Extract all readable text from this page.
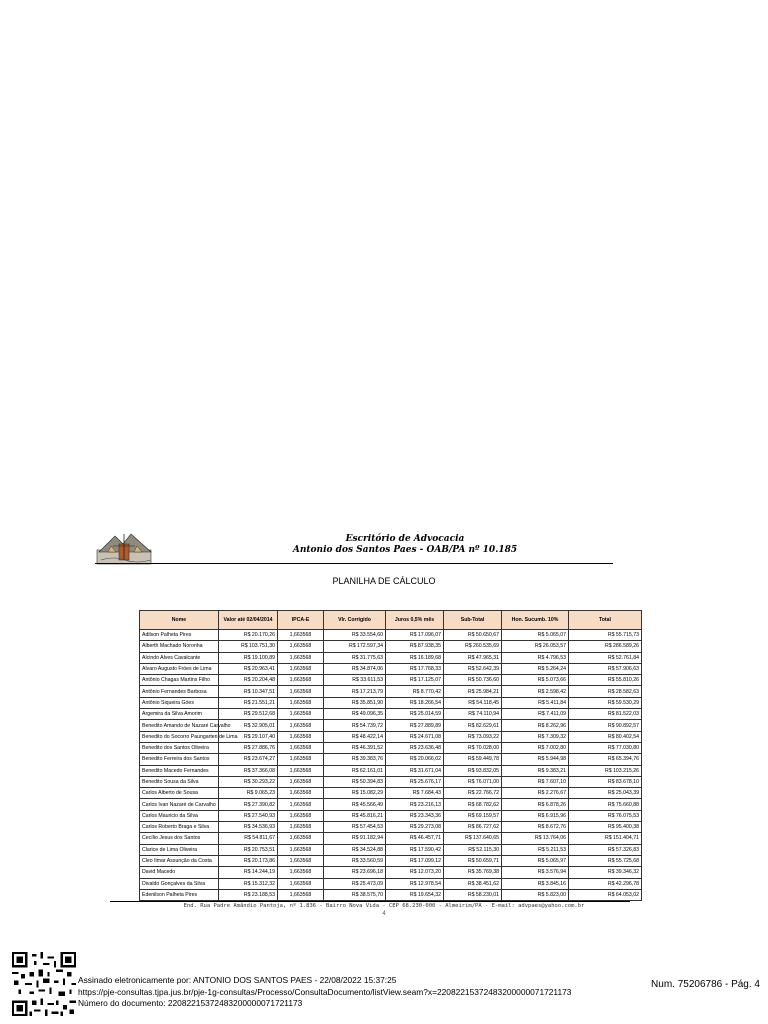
Escritório de Advocacia
Antonio dos Santos Paes - OAB/PA nº 10.185
PLANILHA DE CÁLCULO
Nome	Valor até 02/04/2014	IPCA-E	Vlr. Corrigido	Juros 0,5% mês	Sub-Total	Hon. Sucumb. 10%	Total
Adilson Palheta Pires	R$ 20.170,26	1,663568	R$ 33.554,60	R$ 17.096,07	R$ 50.650,67	R$ 5.065,07	R$ 55.715,73
Alberth Machado Noronha	R$ 103.751,30	1,663568	R$ 172.597,34	R$ 87.938,35	R$ 260.535,69	R$ 26.053,57	R$ 286.589,26
Alcindo Alves Cavalcante	R$ 19.100,89	1,663568	R$ 31.775,63	R$ 16.189,68	R$ 47.965,31	R$ 4.796,53	R$ 52.761,84
Alvaro Augusto Fróes de Lima	R$ 20.963,41	1,663568	R$ 34.874,06	R$ 17.768,33	R$ 52.642,39	R$ 5.264,24	R$ 57.906,63
Antônio Chagas Martins Filho	R$ 20.204,48	1,663568	R$ 33.611,53	R$ 17.125,07	R$ 50.736,60	R$ 5.073,66	R$ 55.810,26
Antônio Fernandes Barbosa	R$ 10.347,51	1,663568	R$ 17.213,79	R$ 8.770,42	R$ 25.984,21	R$ 2.598,42	R$ 28.582,63
Antônio Siqueira Góes	R$ 21.551,21	1,663568	R$ 35.851,90	R$ 18.266,54	R$ 54.118,45	R$ 5.411,84	R$ 59.530,29
Argemira da Silva Amorim	R$ 29.512,68	1,663568	R$ 49.096,35	R$ 25.014,59	R$ 74.110,94	R$ 7.411,09	R$ 81.522,03
Benedito Amando de Nazaré Carvalho	R$ 32.905,01	1,663568	R$ 54.739,72	R$ 27.889,89	R$ 82.629,61	R$ 8.262,96	R$ 90.892,57
Benedito do Socorro Paungarten de Lima	R$ 29.107,40	1,663568	R$ 48.422,14	R$ 24.671,08	R$ 73.093,22	R$ 7.309,32	R$ 80.402,54
Benedito dos Santos Oliveira	R$ 27.886,76	1,663568	R$ 46.391,52	R$ 23.636,48	R$ 70.028,00	R$ 7.002,80	R$ 77.030,80
Benedito Ferreira dos Santos	R$ 23.674,27	1,663568	R$ 39.383,76	R$ 20.066,02	R$ 59.449,78	R$ 5.944,98	R$ 65.394,76
Benedito Macedo Fernandes	R$ 37.366,08	1,663568	R$ 62.161,01	R$ 31.671,04	R$ 93.832,05	R$ 9.383,21	R$ 103.215,26
Benedito Sousa da Silva	R$ 30.293,22	1,663568	R$ 50.394,83	R$ 25.676,17	R$ 76.071,00	R$ 7.607,10	R$ 83.678,10
Carlos Alberto de Sousa	R$ 9.065,23	1,663568	R$ 15.082,29	R$ 7.684,43	R$ 22.766,72	R$ 2.276,67	R$ 25.043,39
Carlos Ivan Nazaré de Carvalho	R$ 27.390,82	1,663568	R$ 45.566,49	R$ 23.216,13	R$ 68.782,62	R$ 6.878,26	R$ 75.660,88
Carlos Mauricio da Silva	R$ 27.540,93	1,663568	R$ 45.816,21	R$ 23.343,36	R$ 69.159,57	R$ 6.915,96	R$ 76.075,53
Carlos Roberto Braga e Silva	R$ 34.536,93	1,663568	R$ 57.454,53	R$ 29.273,08	R$ 86.727,62	R$ 8.672,76	R$ 95.400,38
Cecílio Jesus dos Santos	R$ 54.811,67	1,663568	R$ 91.182,94	R$ 46.457,71	R$ 137.640,65	R$ 13.764,06	R$ 151.404,71
Clarice de Lima Oliveira	R$ 20.753,51	1,663568	R$ 34.524,88	R$ 17.590,42	R$ 52.115,30	R$ 5.211,53	R$ 57.326,83
Cleo Ilmar Assunção da Costa	R$ 20.173,86	1,663568	R$ 33.560,59	R$ 17.099,12	R$ 50.659,71	R$ 5.065,97	R$ 55.725,68
David Macedo	R$ 14.244,19	1,663568	R$ 23.696,18	R$ 12.073,20	R$ 35.769,38	R$ 3.576,94	R$ 39.346,32
Divaldo Gonçalves da Silva	R$ 15.312,32	1,663568	R$ 25.473,09	R$ 12.978,54	R$ 38.451,62	R$ 3.845,16	R$ 42.296,78
Edenilson Palheta Pires	R$ 23.188,53	1,663568	R$ 38.575,70	R$ 19.654,32	R$ 58.230,01	R$ 5.823,00	R$ 64.053,02
End. Rua Padre Amândio Pantoja, nº 1.836 - Bairro Nova Vida - CEP 68.230-000 - Almeirim/PA - E-mail: advpaes@yahoo.com.br
4
Assinado eletronicamente por: ANTONIO DOS SANTOS PAES - 22/08/2022 15:37:25
https://pje-consultas.tjpa.jus.br/pje-1g-consultas/Processo/ConsultaDocumento/listView.seam?x=22082215372483200000071721173
Número do documento: 22082215372483200000071721173
Num. 75206786 - Pág. 4
